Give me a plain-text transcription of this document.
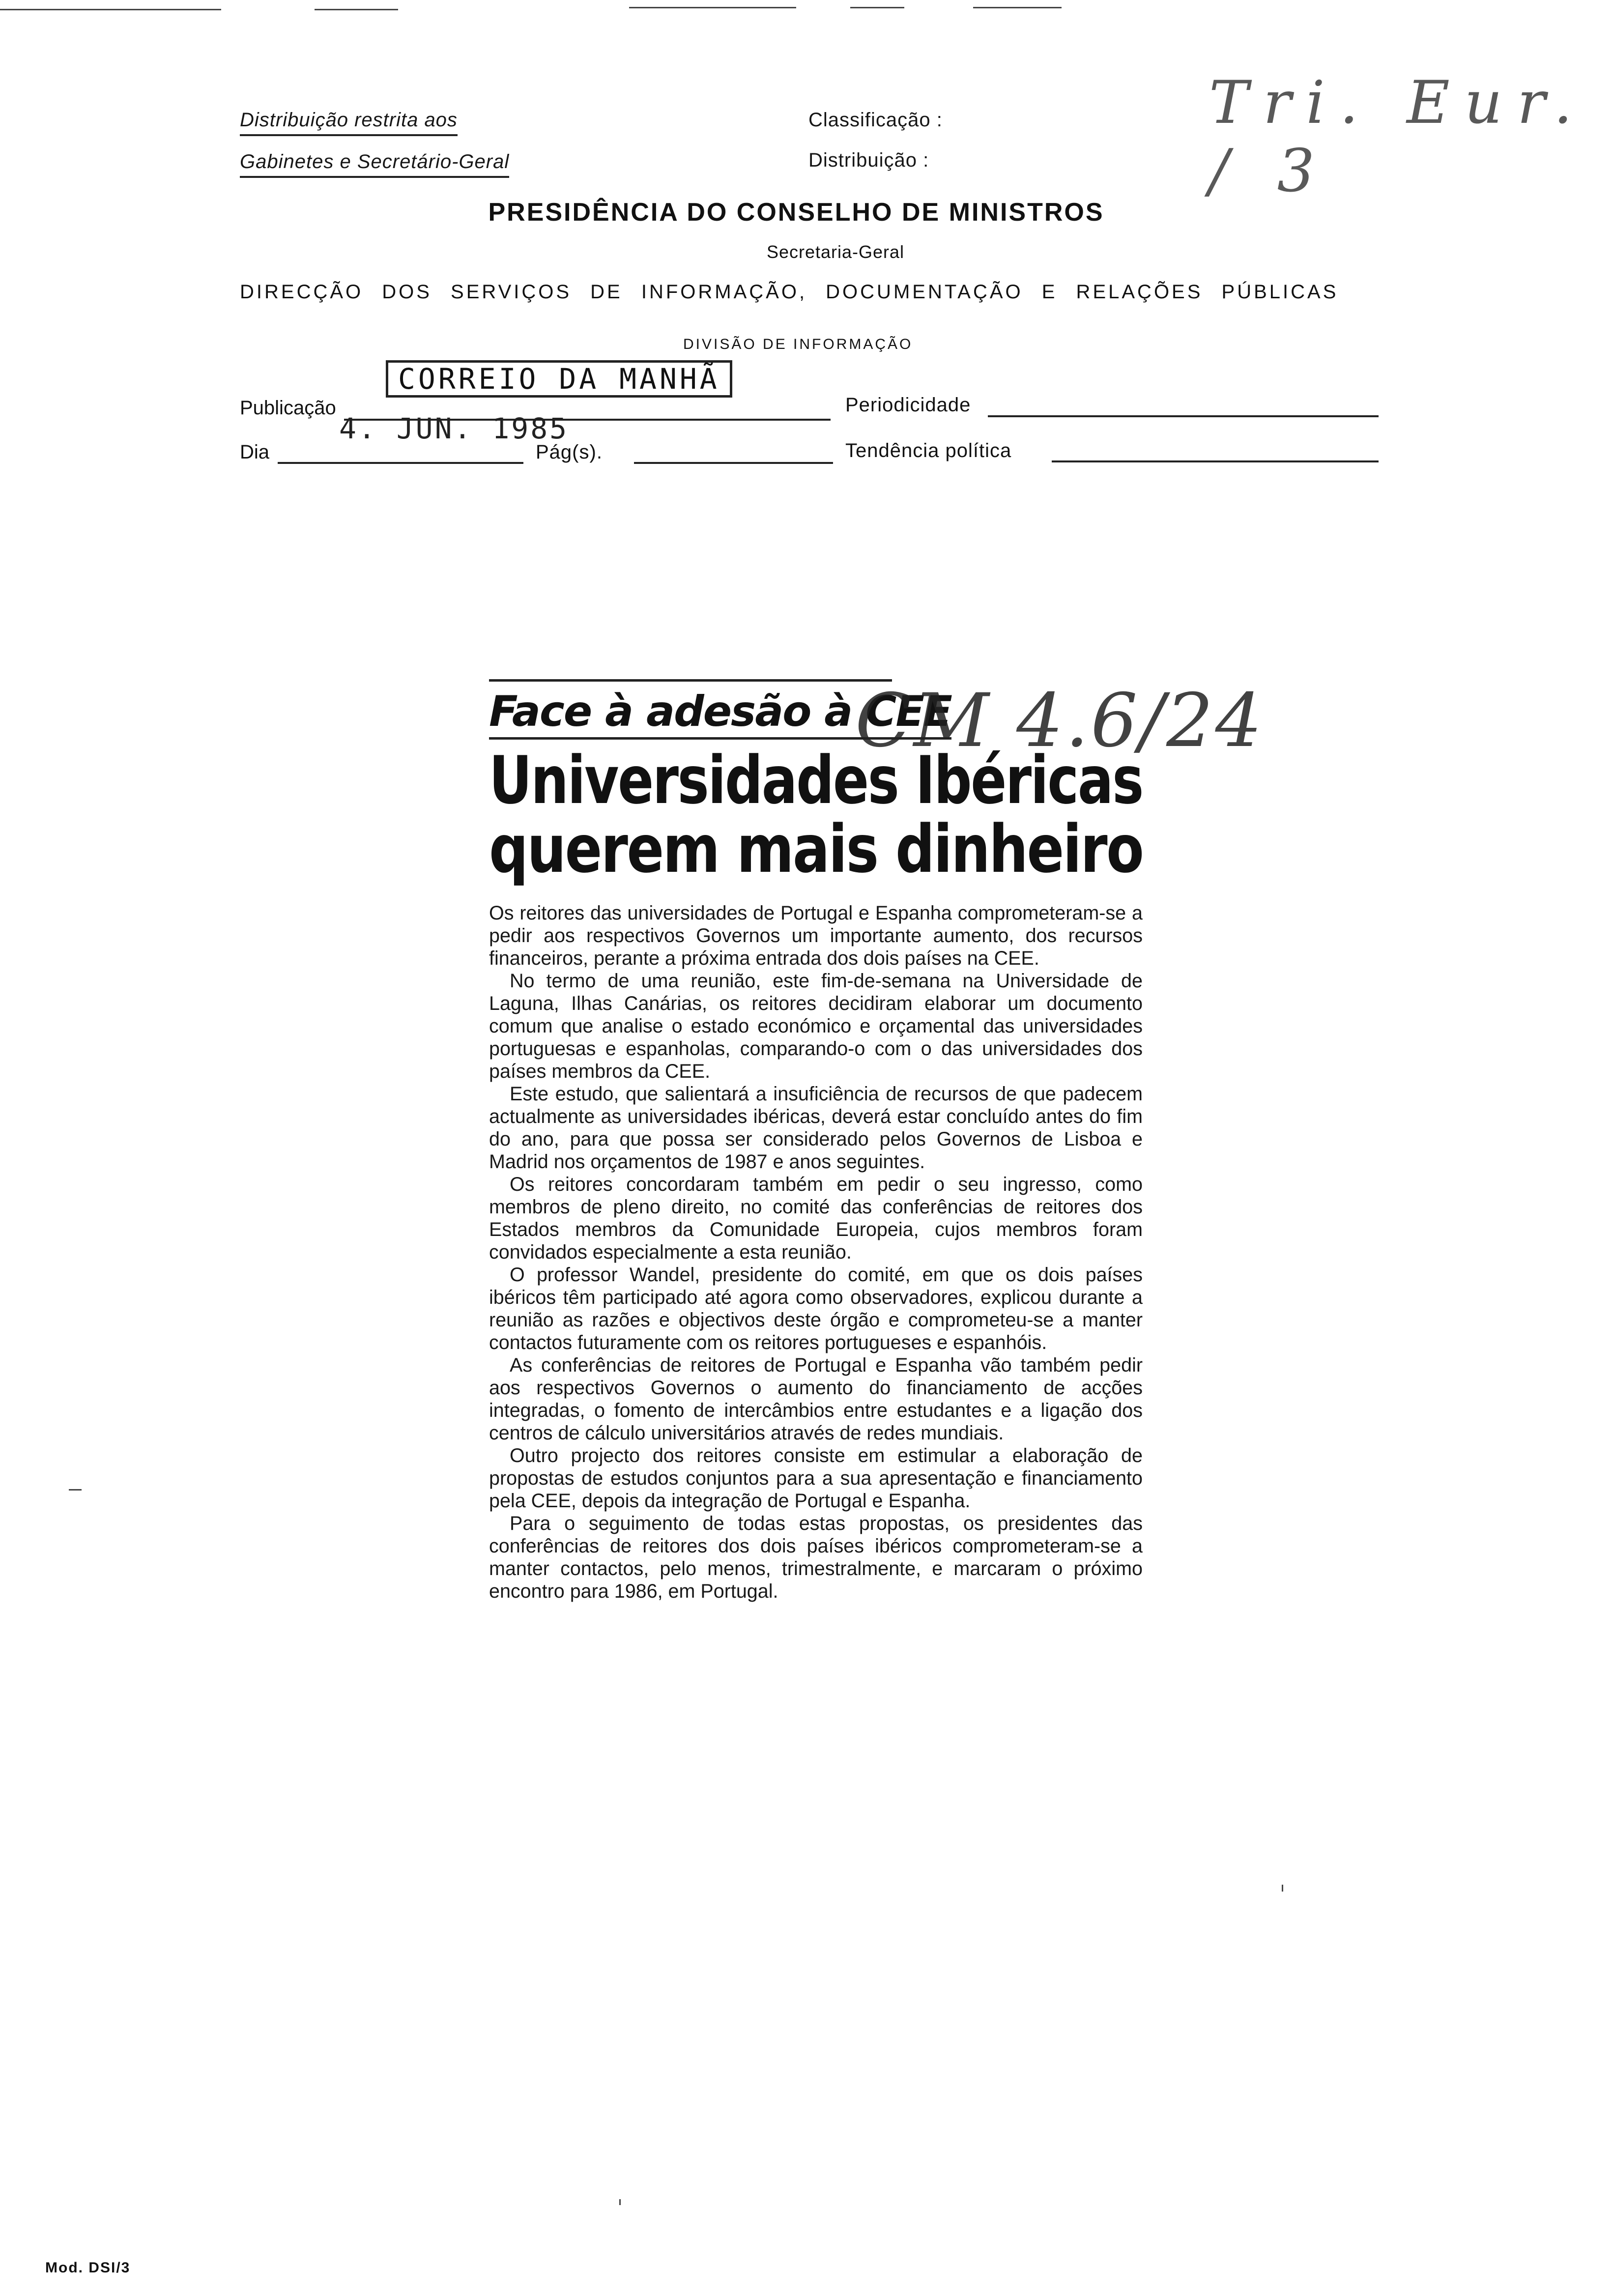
Distribuição restrita aos
Gabinetes e Secretário-Geral
Classificação :
Distribuição :
Tri. Eur. / 3
PRESIDÊNCIA DO CONSELHO DE MINISTROS
Secretaria-Geral
DIRECÇÃO DOS SERVIÇOS DE INFORMAÇÃO, DOCUMENTAÇÃO E RELAÇÕES PÚBLICAS
DIVISÃO DE INFORMAÇÃO
Publicação
CORREIO DA MANHÃ
4. JUN. 1985
Periodicidade
Dia	Pág(s).	Tendência política
Face à adesão à CEE
Universidades Ibéricas
querem mais dinheiro
CM 4.6/24

Os reitores das universidades de Portugal e Espanha comprometeram-se a pedir aos respectivos Governos um importante aumento, dos recursos financeiros, perante a próxima entrada dos dois países na CEE.

No termo de uma reunião, este fim-de-semana na Universidade de Laguna, Ilhas Canárias, os reitores decidiram elaborar um documento comum que analise o estado económico e orçamental das universidades portuguesas e espanholas, comparando-o com o das universidades dos países membros da CEE.

Este estudo, que salientará a insuficiência de recursos de que padecem actualmente as universidades ibéricas, deverá estar concluído antes do fim do ano, para que possa ser considerado pelos Governos de Lisboa e Madrid nos orçamentos de 1987 e anos seguintes.

Os reitores concordaram também em pedir o seu ingresso, como membros de pleno direito, no comité das conferências de reitores dos Estados membros da Comunidade Europeia, cujos membros foram convidados especialmente a esta reunião.

O professor Wandel, presidente do comité, em que os dois países ibéricos têm participado até agora como observadores, explicou durante a reunião as razões e objectivos deste órgão e comprometeu-se a manter contactos futuramente com os reitores portugueses e espanhóis.

As conferências de reitores de Portugal e Espanha vão também pedir aos respectivos Governos o aumento do financiamento de acções integradas, o fomento de intercâmbios entre estudantes e a ligação dos centros de cálculo universitários através de redes mundiais.

Outro projecto dos reitores consiste em estimular a elaboração de propostas de estudos conjuntos para a sua apresentação e financiamento pela CEE, depois da integração de Portugal e Espanha.

Para o seguimento de todas estas propostas, os presidentes das conferências de reitores dos dois países ibéricos comprometeram-se a manter contactos, pelo menos, trimestralmente, e marcaram o próximo encontro para 1986, em Portugal.

Mod. DSI/3
